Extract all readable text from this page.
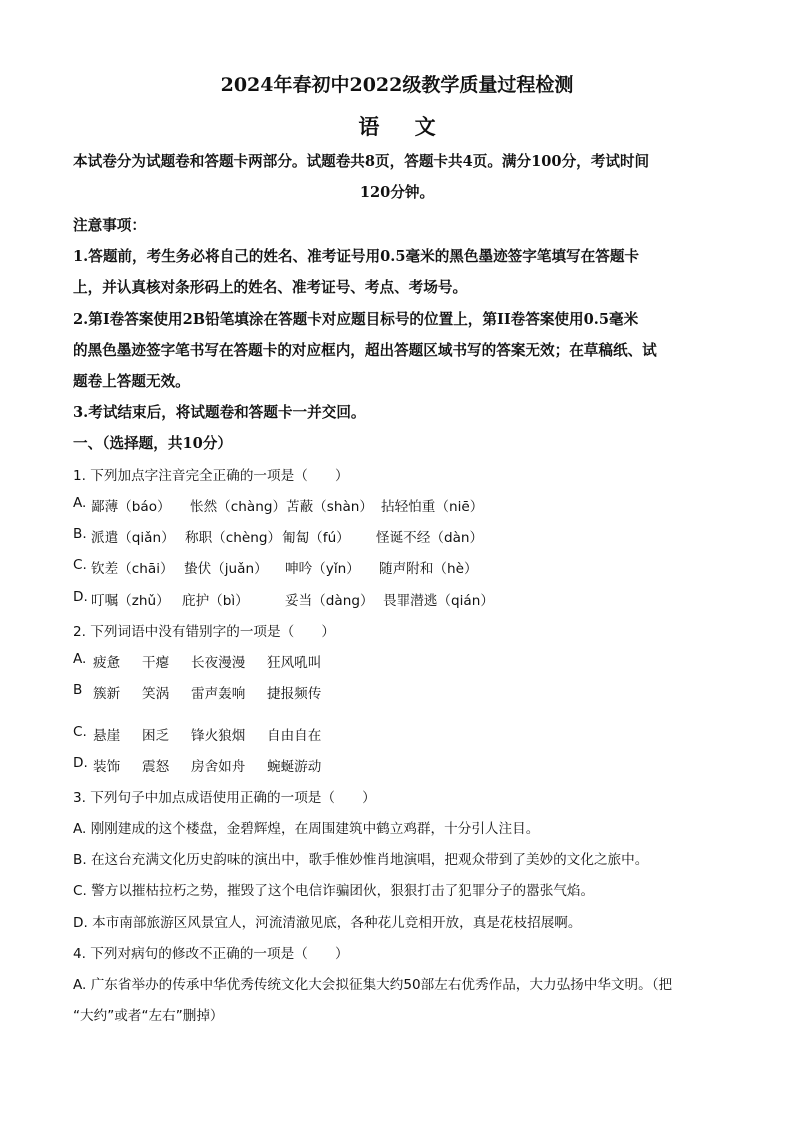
2024年春初中2022级教学质量过程检测
语 文
本试卷分为试题卷和答题卡两部分。试题卷共8页，答题卡共4页。满分100分，考试时间
120分钟。
注意事项：
1.答题前，考生务必将自己的姓名、准考证号用0.5毫米的黑色墨迹签字笔填写在答题卡
上，并认真核对条形码上的姓名、准考证号、考点、考场号。
2.第Ⅰ卷答案使用2B铅笔填涂在答题卡对应题目标号的位置上，第II卷答案使用0.5毫米
的黑色墨迹签字笔书写在答题卡的对应框内，超出答题区域书写的答案无效；在草稿纸、试
题卷上答题无效。
3.考试结束后，将试题卷和答题卡一并交回。
一、（选择题，共10分）
1. 下列加点字注音完全正确的一项是（　　）
A. 鄙薄（báo） 怅然（chàng） 苫蔽（shàn） 拈轻怕重（niē）
B. 派遣（qiǎn） 称职（chèng） 匍匐（fú） 怪诞不经（dàn）
C. 钦差（chāi） 蛰伏（juǎn） 呻吟（yǐn） 随声附和（hè）
D. 叮嘱（zhǔ） 庇护（bì）	妥当（dàng） 畏罪潜逃（qián）
2. 下列词语中没有错别字的一项是（　　）
A. 疲惫 干瘪 长夜漫漫 狂风吼叫
B 簇新 笑涡 雷声轰响 捷报频传
C. 悬崖 困乏 锋火狼烟 自由自在
D. 装饰 震怒 房舍如舟 蜿蜒游动
3. 下列句子中加点成语使用正确的一项是（　　）
A. 刚刚建成的这个楼盘，金碧辉煌，在周围建筑中鹤立鸡群，十分引人注目。
B. 在这台充满文化历史韵味的演出中，歌手惟妙惟肖地演唱，把观众带到了美妙的文化之旅中。
C. 警方以摧枯拉朽之势，摧毁了这个电信诈骗团伙，狠狠打击了犯罪分子的嚣张气焰。
D. 本市南部旅游区风景宜人，河流清澈见底，各种花儿竞相开放，真是花枝招展啊。
4. 下列对病句的修改不正确的一项是（　　）
A. 广东省举办的传承中华优秀传统文化大会拟征集大约50部左右优秀作品，大力弘扬中华文明。（把
“大约”或者“左右”删掉）
